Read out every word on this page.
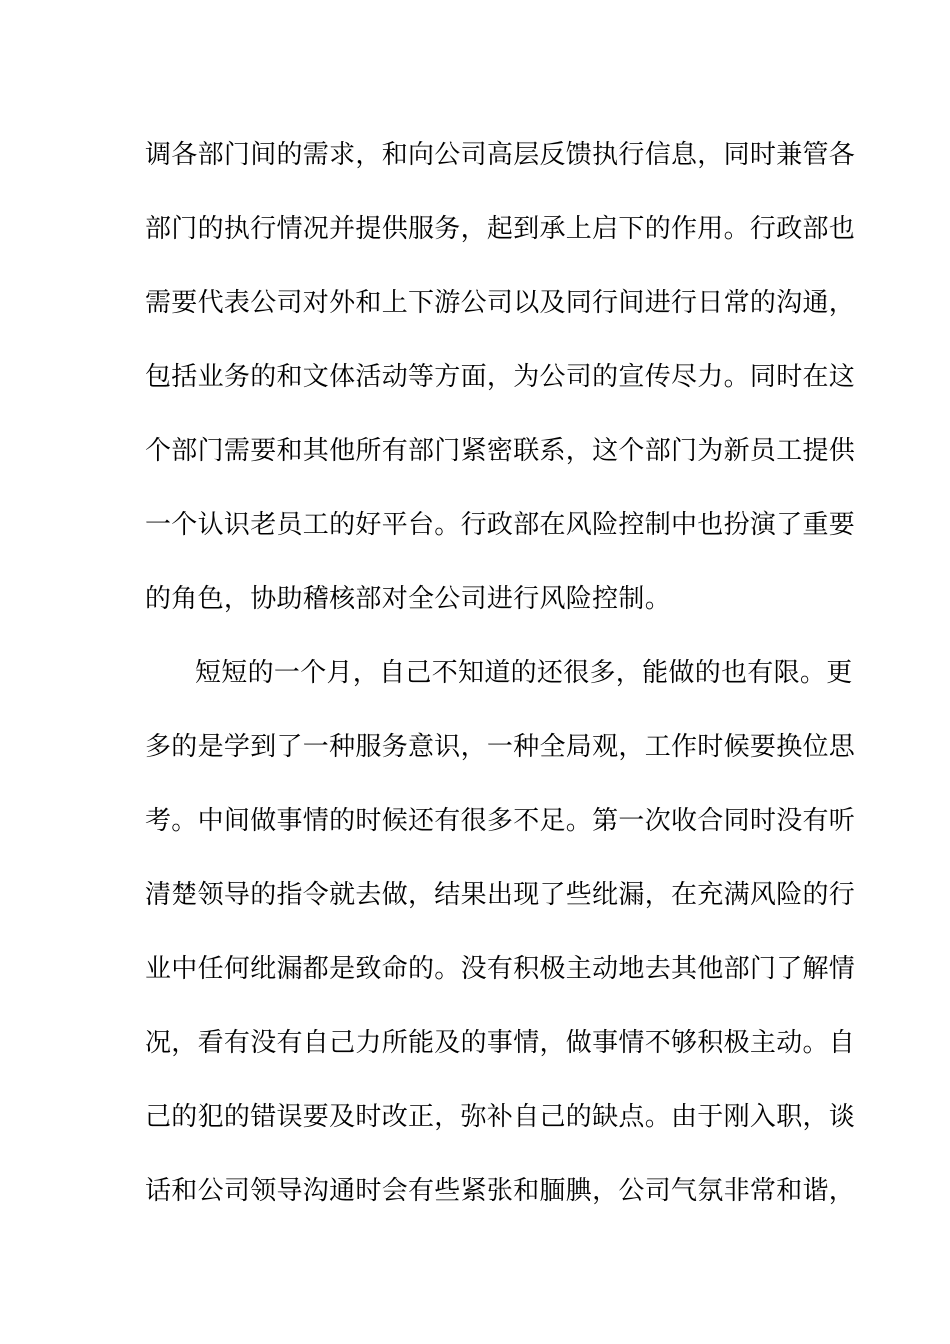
调各部门间的需求，和向公司高层反馈执行信息，同时兼管各
部门的执行情况并提供服务，起到承上启下的作用。行政部也
需要代表公司对外和上下游公司以及同行间进行日常的沟通，
包括业务的和文体活动等方面，为公司的宣传尽力。同时在这
个部门需要和其他所有部门紧密联系，这个部门为新员工提供
一个认识老员工的好平台。行政部在风险控制中也扮演了重要
的角色，协助稽核部对全公司进行风险控制。
短短的一个月，自己不知道的还很多，能做的也有限。更
多的是学到了一种服务意识，一种全局观，工作时候要换位思
考。中间做事情的时候还有很多不足。第一次收合同时没有听
清楚领导的指令就去做，结果出现了些纰漏，在充满风险的行
业中任何纰漏都是致命的。没有积极主动地去其他部门了解情
况，看有没有自己力所能及的事情，做事情不够积极主动。自
己的犯的错误要及时改正，弥补自己的缺点。由于刚入职，谈
话和公司领导沟通时会有些紧张和腼腆，公司气氛非常和谐，
